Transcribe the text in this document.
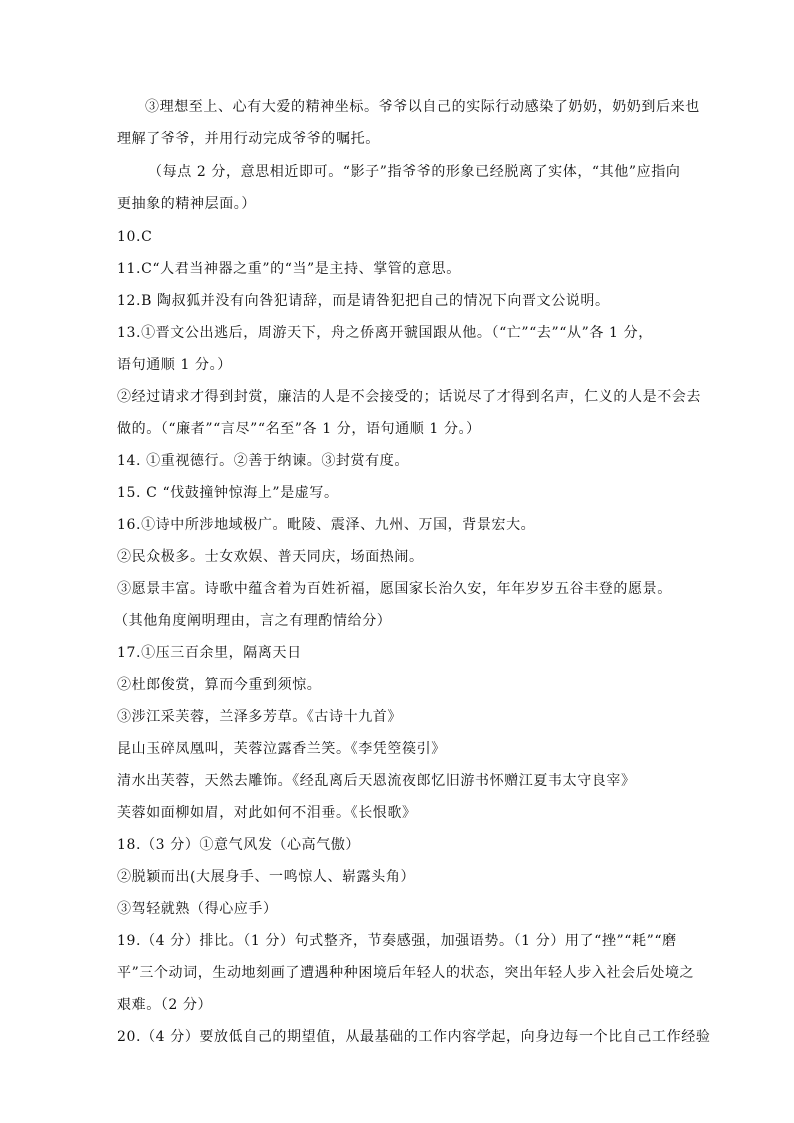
③理想至上、心有大爱的精神坐标。爷爷以自己的实际行动感染了奶奶，奶奶到后来也
理解了爷爷，并用行动完成爷爷的嘱托。
（每点 2 分，意思相近即可。“影子”指爷爷的形象已经脱离了实体，“其他”应指向
更抽象的精神层面。）
10.C
11.C“人君当神器之重”的“当”是主持、掌管的意思。
12.B 陶叔狐并没有向咎犯请辞，而是请咎犯把自己的情况下向晋文公说明。
13.①晋文公出逃后，周游天下，舟之侨离开虢国跟从他。（“亡”“去”“从”各 1 分，
语句通顺 1 分。）
②经过请求才得到封赏，廉洁的人是不会接受的；话说尽了才得到名声，仁义的人是不会去
做的。（“廉者”“言尽”“名至”各 1 分，语句通顺 1 分。）
14. ①重视德行。②善于纳谏。③封赏有度。
15. C “伐鼓撞钟惊海上”是虚写。
16.①诗中所涉地域极广。毗陵、震泽、九州、万国，背景宏大。
②民众极多。士女欢娱、普天同庆，场面热闹。
③愿景丰富。诗歌中蕴含着为百姓祈福，愿国家长治久安，年年岁岁五谷丰登的愿景。
（其他角度阐明理由，言之有理酌情给分）
17.①压三百余里，隔离天日
②杜郎俊赏，算而今重到须惊。
③涉江采芙蓉，兰泽多芳草。《古诗十九首》
昆山玉碎凤凰叫，芙蓉泣露香兰笑。《李凭箜篌引》
清水出芙蓉，天然去雕饰。《经乱离后天恩流夜郎忆旧游书怀赠江夏韦太守良宰》
芙蓉如面柳如眉，对此如何不泪垂。《长恨歌》
18.（3 分）①意气风发（心高气傲）
②脱颖而出(大展身手、一鸣惊人、崭露头角）
③驾轻就熟（得心应手）
19.（4 分）排比。（1 分）句式整齐，节奏感强，加强语势。（1 分）用了“挫”“耗”“磨
平”三个动词，生动地刻画了遭遇种种困境后年轻人的状态，突出年轻人步入社会后处境之
艰难。（2 分）
20.（4 分）要放低自己的期望值，从最基础的工作内容学起，向身边每一个比自己工作经验
